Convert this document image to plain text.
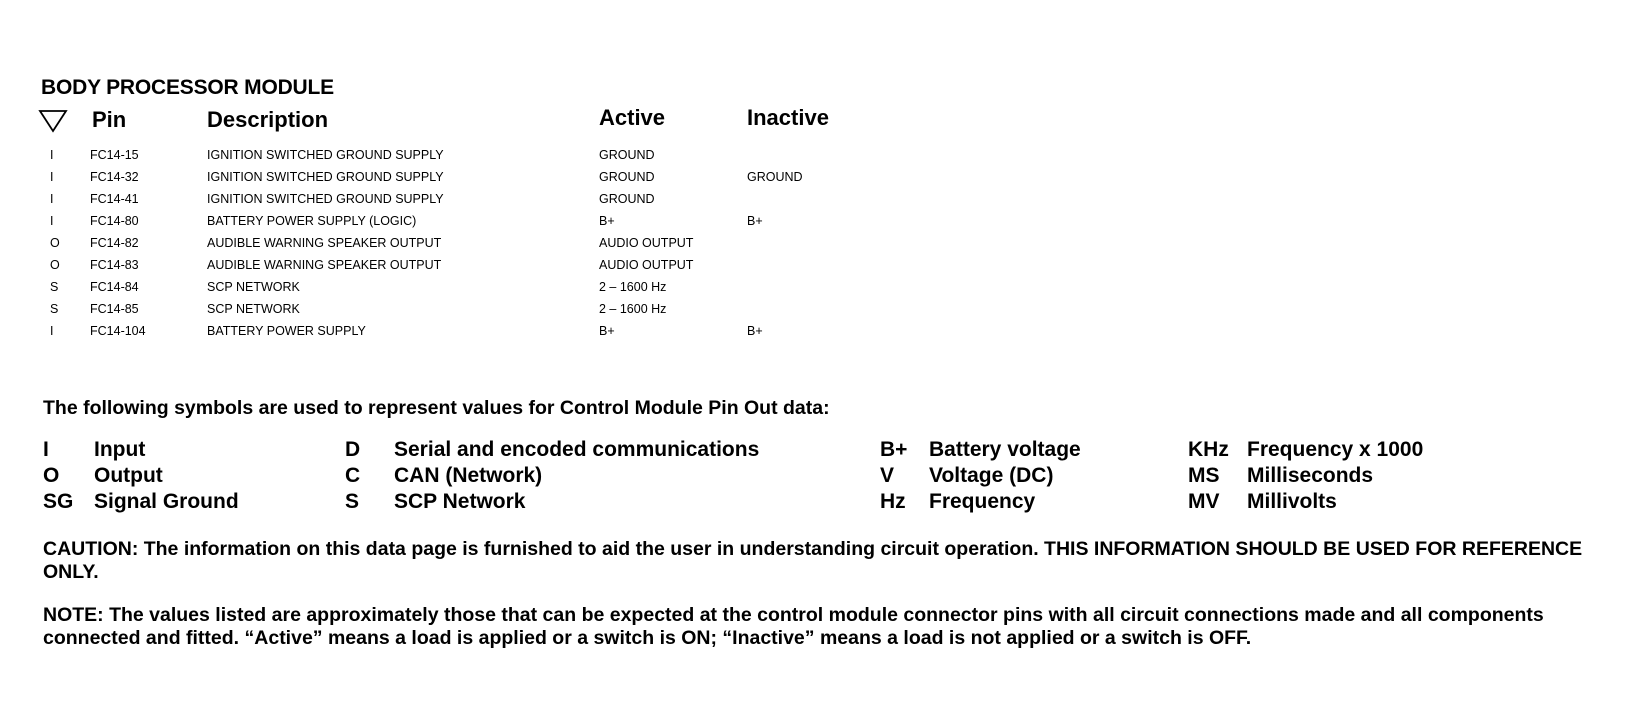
BODY PROCESSOR MODULE
Pin	Description	Active	Inactive
I	FC14-15	IGNITION SWITCHED GROUND SUPPLY	GROUND
I	FC14-32	IGNITION SWITCHED GROUND SUPPLY	GROUND	GROUND
I	FC14-41	IGNITION SWITCHED GROUND SUPPLY	GROUND
I	FC14-80	BATTERY POWER SUPPLY (LOGIC)	B+	B+
O FC14-82	AUDIBLE WARNING SPEAKER OUTPUT	AUDIO OUTPUT
O FC14-83	AUDIBLE WARNING SPEAKER OUTPUT	AUDIO OUTPUT
S	FC14-84	SCP NETWORK	2 – 1600 Hz
S	FC14-85	SCP NETWORK	2 – 1600 Hz
I	FC14-104	BATTERY POWER SUPPLY	B+	B+
The following symbols are used to represent values for Control Module Pin Out data:
I Input
O Output
SG Signal Ground
D Serial and encoded communications
C CAN (Network)
S SCP Network
B+ Battery voltage
V Voltage (DC)
Hz Frequency
KHz Frequency x 1000
MS Milliseconds
MV Millivolts
CAUTION: The information on this data page is furnished to aid the user in understanding circuit operation. THIS INFORMATION SHOULD BE USED FOR REFERENCE ONLY.
NOTE: The values listed are approximately those that can be expected at the control module connector pins with all circuit connections made and all components connected and fitted. “Active” means a load is applied or a switch is ON; “Inactive” means a load is not applied or a switch is OFF.
